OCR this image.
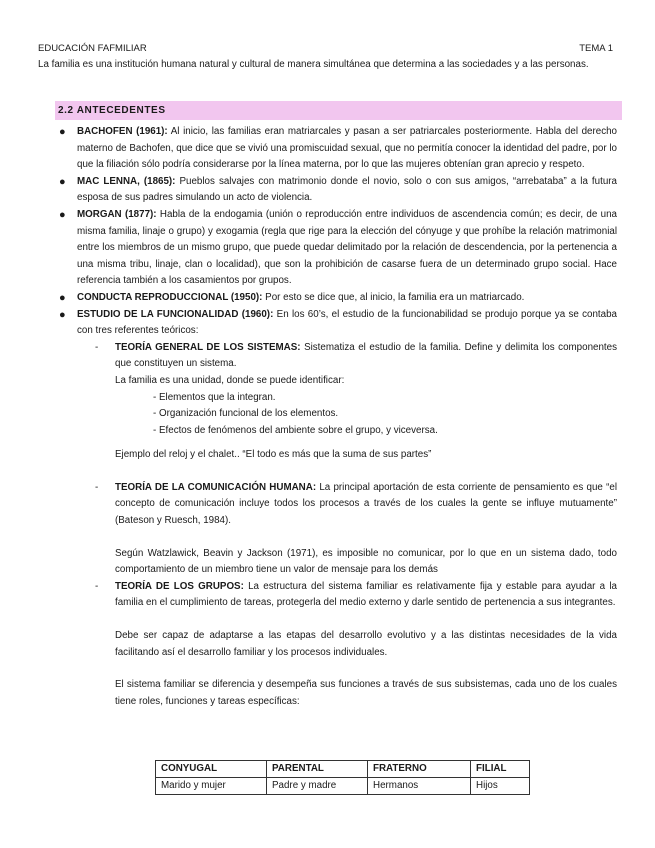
EDUCACIÓN FAFMILIAR	TEMA 1
La familia es una institución humana natural y cultural de manera simultánea que determina a las sociedades y a las personas.
2.2 ANTECEDENTES
● BACHOFEN (1961): Al inicio, las familias eran matriarcales y pasan a ser patriarcales posteriormente. Habla del derecho materno de Bachofen, que dice que se vivió una promiscuidad sexual, que no permitía conocer la identidad del padre, por lo que la filiación sólo podría considerarse por la línea materna, por lo que las mujeres obtenían gran aprecio y respeto.
● MAC LENNA, (1865): Pueblos salvajes con matrimonio donde el novio, solo o con sus amigos, “arrebataba” a la futura esposa de sus padres simulando un acto de violencia.
● MORGAN (1877): Habla de la endogamia (unión o reproducción entre individuos de ascendencia común; es decir, de una misma familia, linaje o grupo) y exogamia (regla que rige para la elección del cónyuge y que prohíbe la relación matrimonial entre los miembros de un mismo grupo, que puede quedar delimitado por la relación de descendencia, por la pertenencia a una misma tribu, linaje, clan o localidad), que son la prohibición de casarse fuera de un determinado grupo social. Hace referencia también a los casamientos por grupos.
● CONDUCTA REPRODUCCIONAL (1950): Por esto se dice que, al inicio, la familia era un matriarcado.
● ESTUDIO DE LA FUNCIONALIDAD (1960): En los 60’s, el estudio de la funcionabilidad se produjo porque ya se contaba con tres referentes teóricos:
- TEORÍA GENERAL DE LOS SISTEMAS: Sistematiza el estudio de la familia. Define y delimita los componentes que constituyen un sistema.
La familia es una unidad, donde se puede identificar:
- Elementos que la integran.
- Organización funcional de los elementos.
- Efectos de fenómenos del ambiente sobre el grupo, y viceversa.
Ejemplo del reloj y el chalet.. “El todo es más que la suma de sus partes”
- TEORÍA DE LA COMUNICACIÓN HUMANA: La principal aportación de esta corriente de pensamiento es que “el concepto de comunicación incluye todos los procesos a través de los cuales la gente se influye mutuamente” (Bateson y Ruesch, 1984).
Según Watzlawick, Beavin y Jackson (1971), es imposible no comunicar, por lo que en un sistema dado, todo comportamiento de un miembro tiene un valor de mensaje para los demás
- TEORÍA DE LOS GRUPOS: La estructura del sistema familiar es relativamente fija y estable para ayudar a la familia en el cumplimiento de tareas, protegerla del medio externo y darle sentido de pertenencia a sus integrantes.
Debe ser capaz de adaptarse a las etapas del desarrollo evolutivo y a las distintas necesidades de la vida facilitando así el desarrollo familiar y los procesos individuales.
El sistema familiar se diferencia y desempeña sus funciones a través de sus subsistemas, cada uno de los cuales tiene roles, funciones y tareas específicas:
CONYUGAL	PARENTAL	FRATERNO	FILIAL
Marido y mujer	Padre y madre	Hermanos	Hijos
